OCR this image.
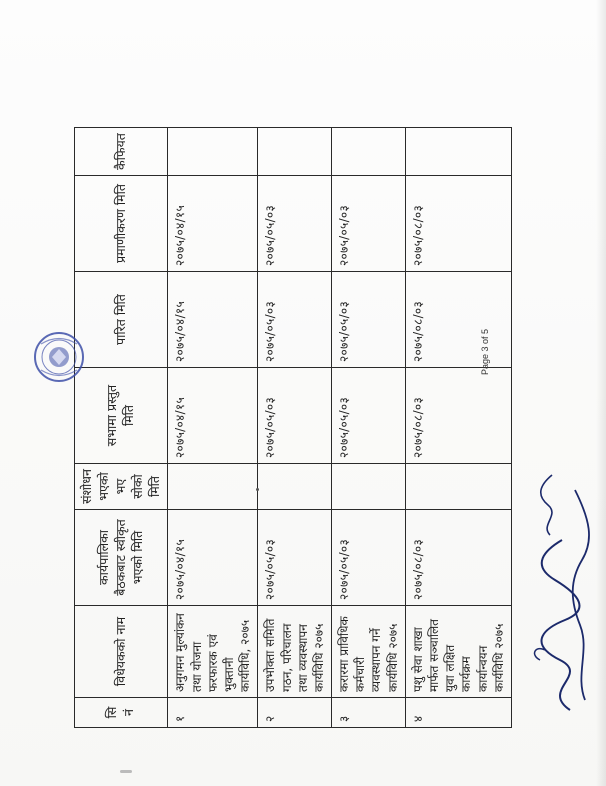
सि नं	विधेयकको नाम	कार्यपालिका बैठकबाट स्वीकृत भएको मिति	संशोधन भएको भए सोको मिति	सभामा प्रस्तुत मिति	पारित मिति	प्रमाणीकरण मिति	कैफियत
१	अनुगमन मुल्यांकन तथा योजना फरफारक एवं भुक्तानी कार्यविधि, २०७५	२०७५/०४/१५		२०७५/०४/१५	२०७५/०४/१५	२०७५/०४/१५	
२	उपभोक्ता समिति गठन, परिचालन तथा व्यवस्थापन कार्यविधि २०७५	२०७५/०५/०३		२०७५/०५/०३	२०७५/०५/०३	२०७५/०५/०३	
३	करारमा प्राविधिक कर्मचारी व्यवस्थापन गर्ने कार्यविधि २०७५	२०७५/०५/०३		२०७५/०५/०३	२०७५/०५/०३	२०७५/०५/०३	
४	पशु सेवा शाखा मार्फत सञ्चालित युवा लक्षित कार्यक्रम कार्यान्वयन कार्यविधि २०७५	२०७५/०८/०३		२०७५/०८/०३	२०७५/०८/०३	२०७५/०८/०३	
Page 3 of 5
